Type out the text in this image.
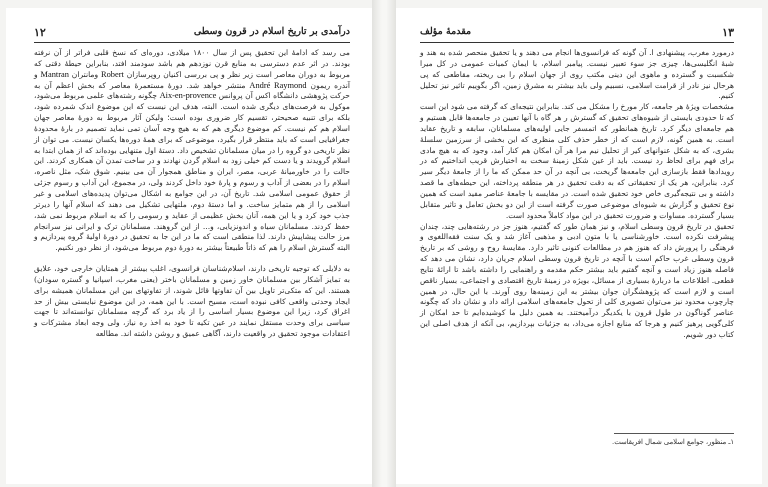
١٢	درآمدی بر تاریخ اسلام در قرون وسطی

می رسد که ادامهٔ این تحقیق پس از سال ۱۸۰۰ میلادی، دوره‌ای که نسخ قلبی فراتر از آن نرفته بودند. در اثر عدم دسترسی به منابع قرن نوزدهم هم باشد سودمند افتد، بنابراین حیطهٔ دقتی که مربوط به دوران معاصر است زیر نظر و پی بررسی اکنیان روپرسازان Robert ومانتران Mantran و آندره ریمون André Raymond منتشر خواهد شد. دورهٔ مستعمرهٔ معاصر که بخش اعظم آن به حرکت پژوهشی دانشگاه اکس آن پروانس Aix-en-provence چگونه رشته‌های علمی مربوط می‌شود، موکول به فرصت‌های دیگری شده است. البته، هدف این نیست که این موضوع اندک شمرده شود، بلکه برای تنبیه صحیحتر، تقسیم کار ضروری بوده است؛ ولیکن آثار مربوط به دورهٔ معاصر جهان اسلام هم کم نیست. کم موضوع دیگری هم که به هیچ وجه آسان تمی نماید تصمیم در بارهٔ محدودهٔ جغرافیایی است که باید منتظر قرار بگیرد، موضوعی که برای همهٔ دوره‌ها یکسان نیست. می توان از نظر تاریخی دو گروه را در میان مسلمانان تشخیص داد. دستهٔ اول متنهایی بوده‌اند که از همان ابتدا به اسلام گرویدند و یا دست کم خیلی زود به اسلام گردن نهادند و در ساخت تمدن آن همکاری کردند. این حالت را در خاورمیانهٔ عربی، مصر، ایران و مناطق همجوار آن می بینیم. شوق شک، مثل ناصره، اسلام را در بعضی از آداب و رسوم و پارهٔ خود داخل کردند ولی، در مجموع، این آداب و رسوم جزئی از حقوق عمومی اسلامی شد. تاریخ آن، در این جوامع به اشکال می‌توان پدیده‌های اسلامی و غیر اسلامی را از هم متمایز ساخت. و اما دستهٔ دوم، ملتهایی تشکیل می دهند که اسلام آنها را دیرتر جذب خود کرد و یا این همه، آنان بخش عظیمی از عقاید و رسومی را که به اسلام مربوط نمی شد، حفظ کردند. مسلمانان سیاه و اندونزیایی، و... از این گروهند. مسلمانان ترک و ایرانی نیز سرانجام مرز حالت پیشاپیش دارند. لذا منطقی است که ما در این جا به تحقیق در دورهٔ اولیهٔ گروه پیردازیم و البته گسترش اسلام را هم که ذاتاً طبیعتاً بیشتر به دورهٔ دوم مربوط می‌شود، از نظر دور نکنیم.

به دلایلی که توجیه تاریخی دارند، اسلام‌شناسان فرانسوی، اغلب بیشتر از همتایان خارجی خود، علایق به تمایز آشکار بین مسلمانان خاور زمین و مسلمانان باختر (یعنی مغرب، اسپانیا و گستره سودان) هستند. این که متکی‌تر تاویل بین آن تفاوتها قائل شوند، از تفاوتهای بین این مسلمانان همیشه برای ایجاد وحدتی واقعی کافی نبوده است، مسیح است. با این همه، در این موضوع نبایستی بیش از حد اغراق کرد، زیرا این موضوع بسیار اساسی را از یاد برد که گرچه مسلمانان توانسته‌اند تا جهت سیاسی برای وحدت مستقل نمایند در عین تکیه تا خود به اخذ ره نیاز، ولی وجه ابعاد مشترکات و اعتقادات موجود تحقیق در واقعیت دارند، آگاهی عمیق و روشن داشته اند. مطالعه

١٣
مقدمهٔ مؤلف

درمورد مغرب، پیشنهادی ا. آن گونه که فرانسوی‌ها انجام می دهند و یا تحقیق منحصر شده به هند و شبهٔ انگلیسی‌ها، چیزی جز سوء تعبیر نیست. پیامبر اسلام، با ایمان کمیات عمومی در کل میرا شکسبت و گسترده و ماهوی این دینی مکتب روی از جهان اسلام را بی ریخته، مقاطعی که پی هرحال نیز نادر از قرامت اسلامی، نسبیم ولی باید بیشتر به مشرق زمین، اگر بگوییم تاثیر نیز تحلیل کنیم.

مشخصات ویژهٔ هر جامعه، کار مورخ را مشکل می کند. بنابراین نتیجه‌ای که گرفته می شود این است که تا حدودی بایستی از شیوه‌های تحقیق که گسترش ر هر گاه با آنها تعیین در جامعه‌ها قابل هستیم و هم جامعه‌ای دیگر کرد. تاریخ همانطور که اتمسفر جایی اولیه‌های مسلمانان، سابقه و تاریخ عقاید است. به همین گونه، لازم است که از خطر حذف کلی منظری که این بخشی از سرزمین سلسلهٔ بشری، که به شکل عنوانهای کیر از تحلیل نیم مرا هر آن امکان هم کنار آمد، وجود که به هیچ مادی برای فهم برای لحاظ رد نیست. باید از عین شکل زمینهٔ سخت به اختیارش قریب انداختیم که در رویدادها فقط بازسازی این جامعه‌ها گریخت، بی آنچه در آن حد ممکن که ما را از جامعهٔ دیگر سیر کرد. بنابراین، هر یک از تحقیقاتی که به دقت تحقیق در هر منطقه پرداخته، این حیطه‌های ما قصد داشته و بی نتیجه‌گیری خاص خود تحقیق شده است. در مقایسه با جامعهٔ عناصر مفید است که همین نوع تحقیق و گزارش به شیوه‌ای موضوعی صورت گرفته است از این دو بخش تعامل و تاثیر متقابل بسیار گسترده. مساوات و ضرورت تحقیق در این مواد کاملاً محدود است.

تحقیق در تاریخ قرون وسطی اسلام، و نیز همان طور که گفتیم، هنوز جز در رشته‌هایی چند، چندان پیشرفت نکرده است. خاورشناسی یا با متون ادبی و مذهبی آغاز شد و یک سنت فقه‌اللغوی و فرهنگی را پرورش داد که هنوز هم در مطالعات کنونی تاثیر دارد. مقایسهٔ روح و روشی که بر تاریخ قرون وسطی غرب حاکم است با آنچه در تاریخ قرون وسطی اسلام جریان دارد، نشان می دهد که فاصله هنوز زیاد است و آنچه گفتیم باید بیشتر حکم مقدمه و راهنمایی را داشته باشد تا ارائهٔ نتایج قطعی. اطلاعات ما دربارهٔ بسیاری از مسائل، بویژه در زمینهٔ تاریخ اقتصادی و اجتماعی، بسیار ناقص است و لازم است که پژوهشگران جوان بیشتر به این زمینه‌ها روی آورند. با این حال، در همین چارچوب محدود نیز می‌توان تصویری کلی از تحول جامعه‌های اسلامی ارائه داد و نشان داد که چگونه عناصر گوناگون در طول قرون با یکدیگر درآمیختند. به همین دلیل ما کوشیده‌ایم تا حد امکان از کلی‌گویی پرهیز کنیم و هرجا که منابع اجازه می‌داد، به جزئیات بپردازیم، بی آنکه از هدف اصلی این کتاب دور شویم.

۱ـ منظور، جوامع اسلامی شمال افریقاست.
